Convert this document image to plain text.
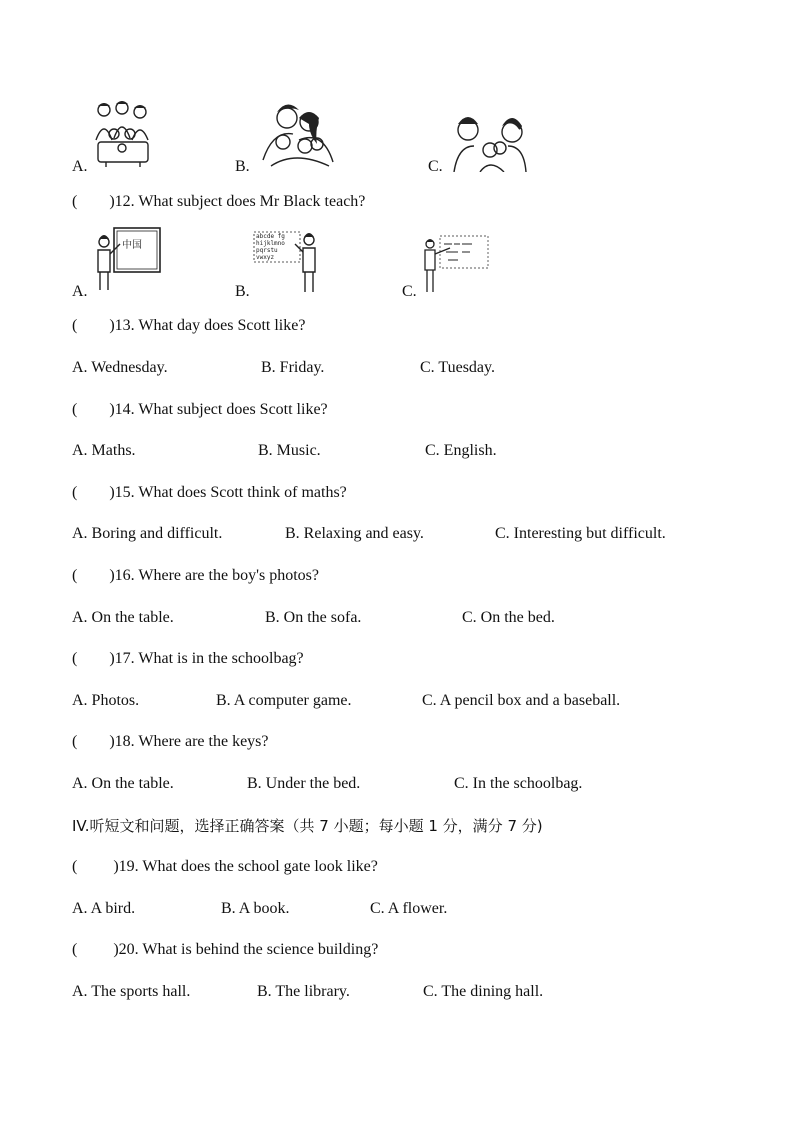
A.	B.	C.
(        )12. What subject does Mr Black teach?
中国
A.
abcde fg hijklmno pqrstu vwxyz
B.	C.
(        )13. What day does Scott like?
A. Wednesday.	B. Friday.	C. Tuesday.
(        )14. What subject does Scott like?
A. Maths.	B. Music.	C. English.
(        )15. What does Scott think of maths?
A. Boring and difficult.	B. Relaxing and easy.	C. Interesting but difficult.
(        )16. Where are the boy's photos?
A. On the table.	B. On the sofa.	C. On the bed.
(        )17. What is in the schoolbag?
A. Photos.	B. A computer game.	C. A pencil box and a baseball.
(        )18. Where are the keys?
A. On the table.	B. Under the bed.	C. In the schoolbag.
IV.听短文和问题，选择正确答案（共 7 小题；每小题 1 分，满分 7 分)
(         )19. What does the school gate look like?
A. A bird.	B. A book.	C. A flower.
(         )20. What is behind the science building?
A. The sports hall.	B. The library.	C. The dining hall.
